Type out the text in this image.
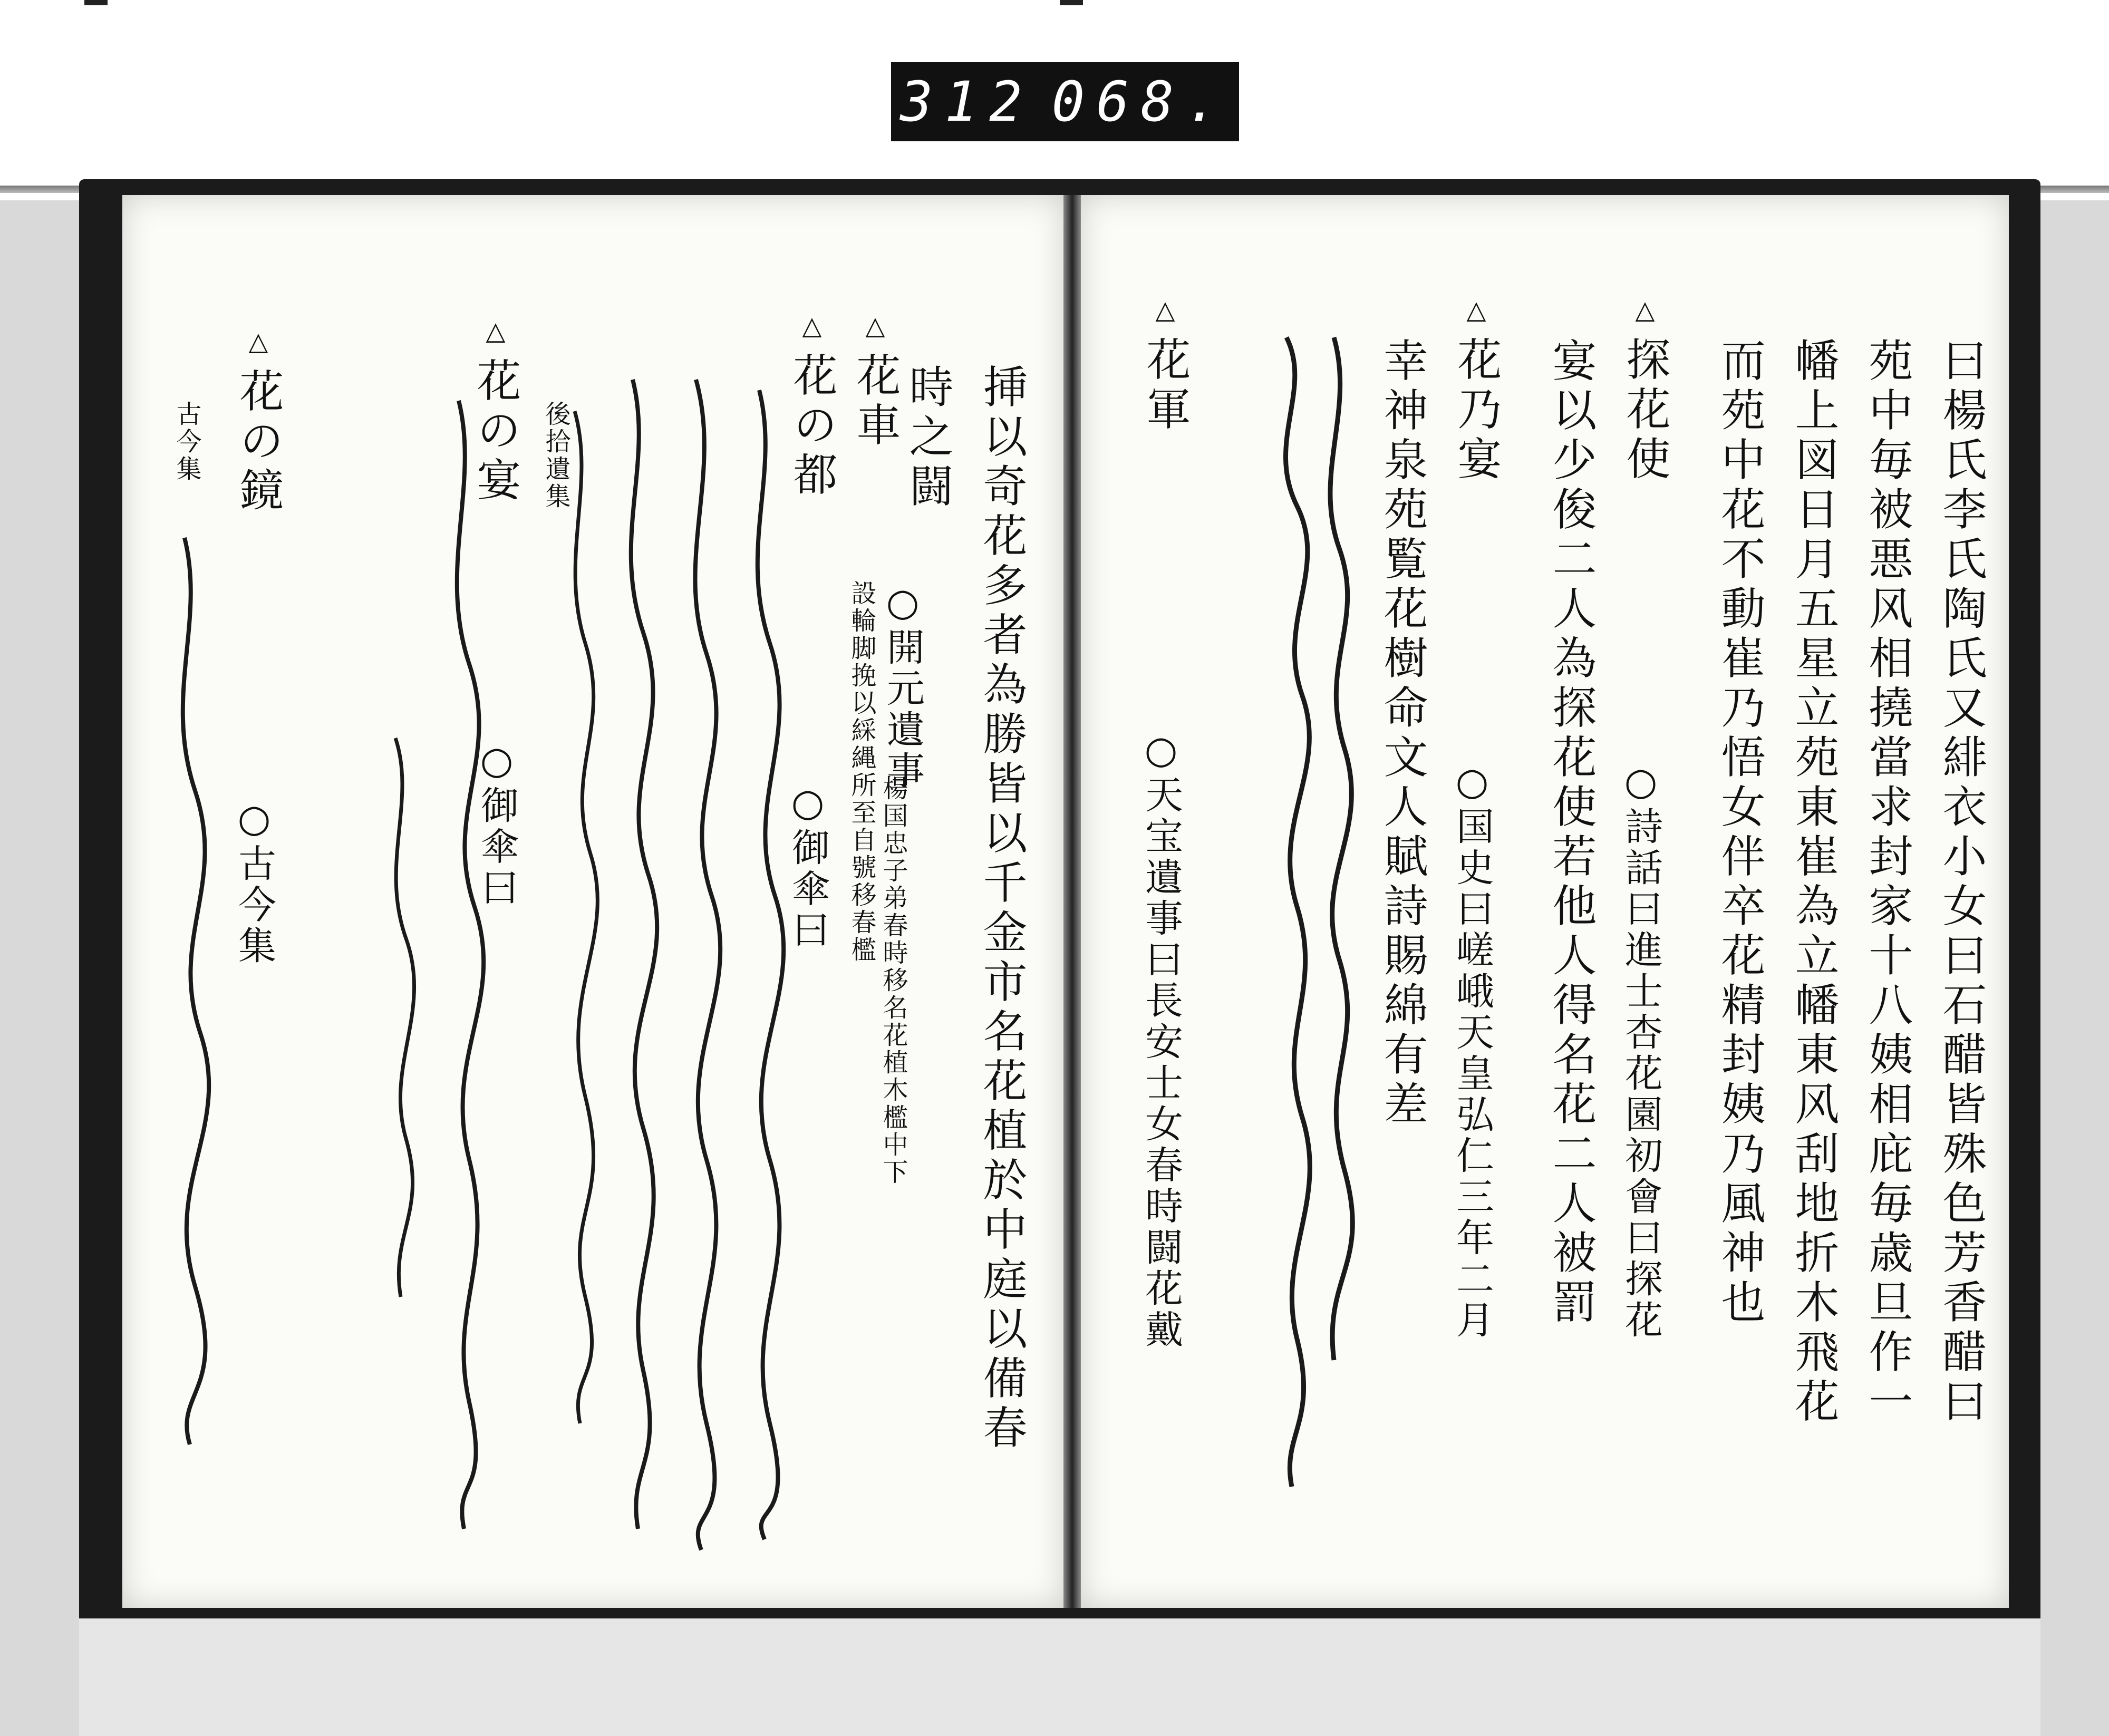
312 068.
曰楊氏李氏陶氏又緋衣小女曰石醋皆殊色芳香醋曰
苑中毎被悪风相撓當求封家十八姨相庇毎歳旦作一
幡上図日月五星立苑東崔為立幡東风刮地折木飛花
而苑中花不動崔乃悟女伴卒花精封姨乃風神也
△ 探花使
○詩話曰進士杏花園初會曰探花
宴以少俊二人為探花使若他人得名花二人被罰
△ 花乃宴
○国史曰嵯峨天皇弘仁三年二月
幸神泉苑覧花樹命文人賦詩賜綿有差
△ 花軍
○天宝遺事曰長安士女春時闘花戴
挿以奇花多者為勝皆以千金市名花植於中庭以備春
時之闘
△ 花車
○開元遺事
楊国忠子弟春時移名花植木檻中下
設輪脚挽以綵縄所至自號移春檻
△ 花の都
○御傘曰
△ 花の宴
○御傘曰
後拾遺集
△ 花の鏡
○古今集
古今集
